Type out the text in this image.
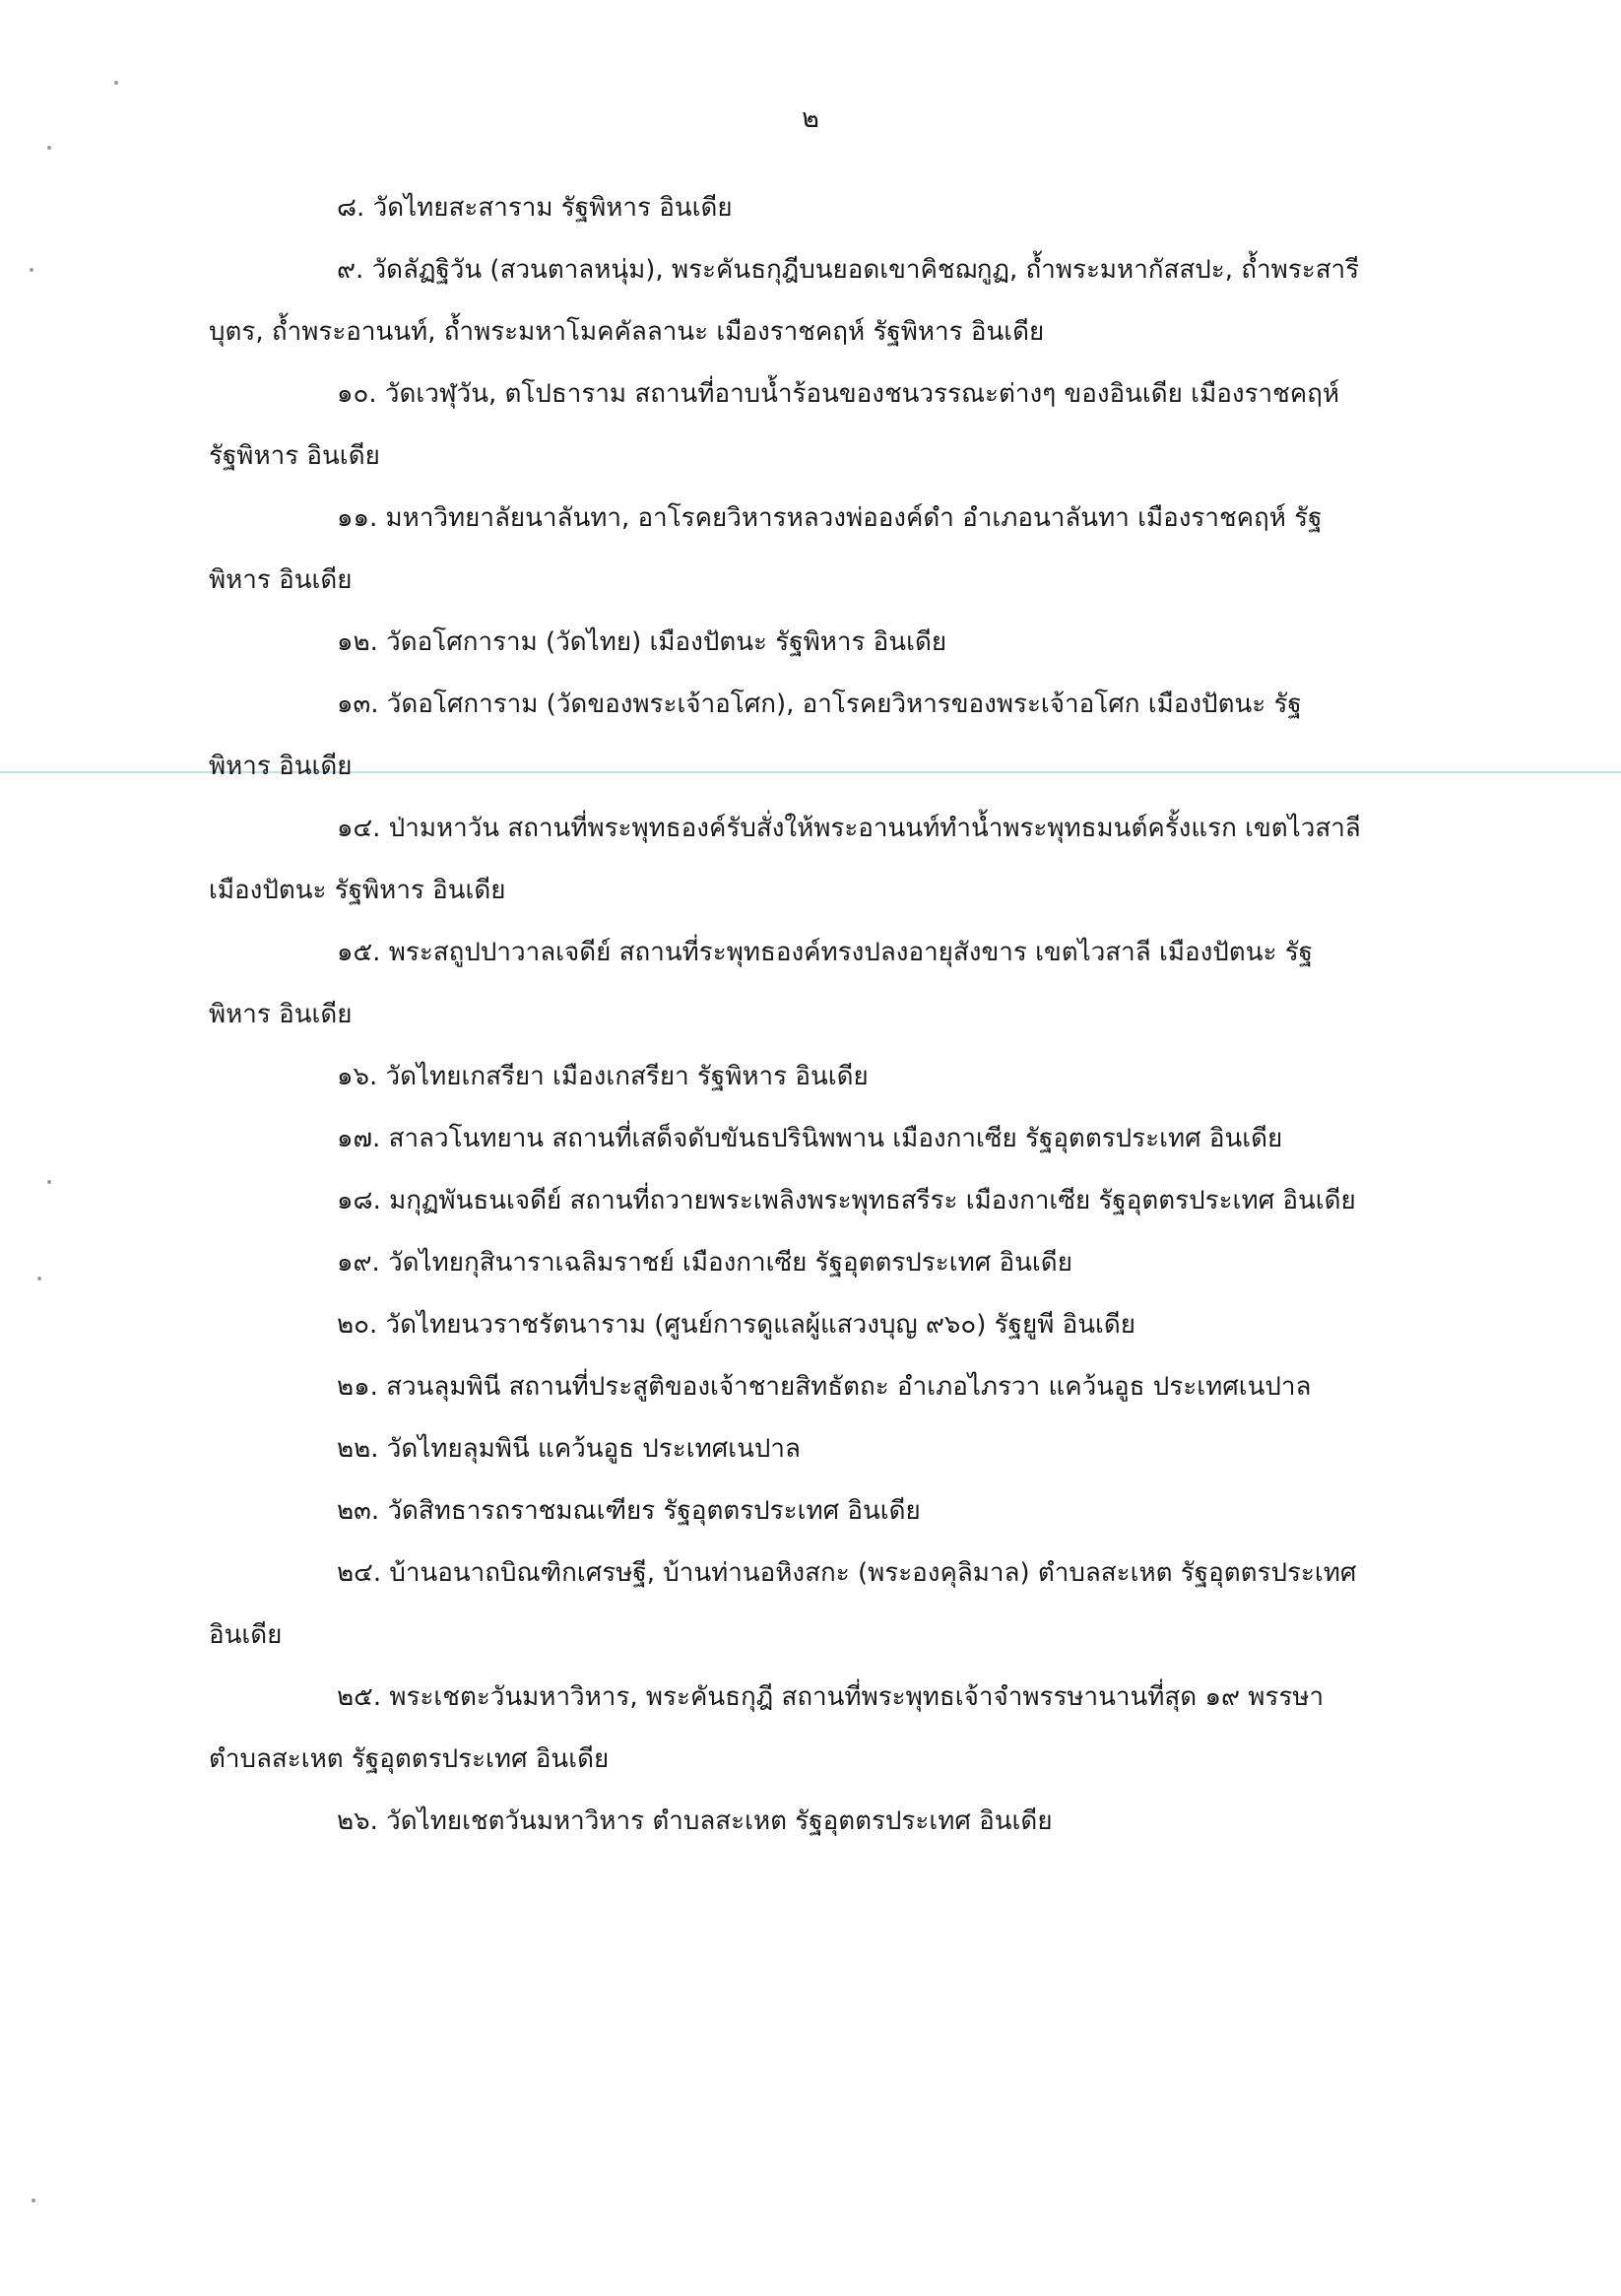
๒

๘. วัดไทยสะสาราม รัฐพิหาร อินเดีย

๙. วัดลัฏฐิวัน (สวนตาลหนุ่ม), พระคันธกุฎีบนยอดเขาคิชฌกูฏ, ถ้ำพระมหากัสสปะ, ถ้ำพระสารีบุตร, ถ้ำพระอานนท์, ถ้ำพระมหาโมคคัลลานะ เมืองราชคฤห์ รัฐพิหาร อินเดีย

๑๐. วัดเวฬุวัน, ตโปธาราม สถานที่อาบน้ำร้อนของชนวรรณะต่างๆ ของอินเดีย เมืองราชคฤห์ รัฐพิหาร อินเดีย

๑๑. มหาวิทยาลัยนาลันทา, อาโรคยวิหารหลวงพ่อองค์ดำ อำเภอนาลันทา เมืองราชคฤห์ รัฐพิหาร อินเดีย

๑๒. วัดอโศการาม (วัดไทย) เมืองปัตนะ รัฐพิหาร อินเดีย

๑๓. วัดอโศการาม (วัดของพระเจ้าอโศก), อาโรคยวิหารของพระเจ้าอโศก เมืองปัตนะ รัฐพิหาร อินเดีย

๑๔. ป่ามหาวัน สถานที่พระพุทธองค์รับสั่งให้พระอานนท์ทำน้ำพระพุทธมนต์ครั้งแรก เขตไวสาลี เมืองปัตนะ รัฐพิหาร อินเดีย

๑๕. พระสถูปปาวาลเจดีย์ สถานที่ระพุทธองค์ทรงปลงอายุสังขาร เขตไวสาลี เมืองปัตนะ รัฐพิหาร อินเดีย

๑๖. วัดไทยเกสรียา เมืองเกสรียา รัฐพิหาร อินเดีย

๑๗. สาลวโนทยาน สถานที่เสด็จดับขันธปรินิพพาน เมืองกาเซีย รัฐอุตตรประเทศ อินเดีย

๑๘. มกุฏพันธนเจดีย์ สถานที่ถวายพระเพลิงพระพุทธสรีระ เมืองกาเซีย รัฐอุตตรประเทศ อินเดีย

๑๙. วัดไทยกุสินาราเฉลิมราชย์ เมืองกาเซีย รัฐอุตตรประเทศ อินเดีย

๒๐. วัดไทยนวราชรัตนาราม (ศูนย์การดูแลผู้แสวงบุญ ๙๖๐) รัฐยูพี อินเดีย

๒๑. สวนลุมพินี สถานที่ประสูติของเจ้าชายสิทธัตถะ อำเภอไภรวา แคว้นอูธ ประเทศเนปาล

๒๒. วัดไทยลุมพินี แคว้นอูธ ประเทศเนปาล

๒๓. วัดสิทธารถราชมณเฑียร รัฐอุตตรประเทศ อินเดีย

๒๔. บ้านอนาถบิณฑิกเศรษฐี, บ้านท่านอหิงสกะ (พระองคุลิมาล) ตำบลสะเหต รัฐอุตตรประเทศ อินเดีย

๒๕. พระเชตะวันมหาวิหาร, พระคันธกุฎี สถานที่พระพุทธเจ้าจำพรรษานานที่สุด ๑๙ พรรษา ตำบลสะเหต รัฐอุตตรประเทศ อินเดีย

๒๖. วัดไทยเชตวันมหาวิหาร ตำบลสะเหต รัฐอุตตรประเทศ อินเดีย
